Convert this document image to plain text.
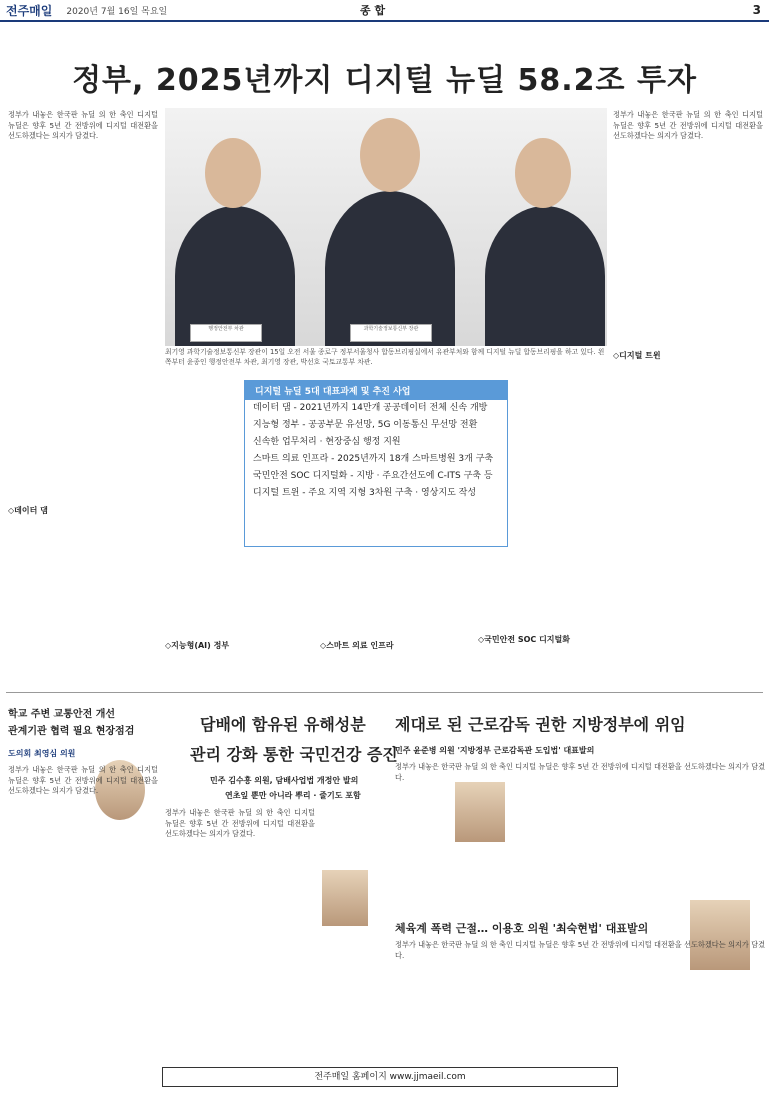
전주매일 2020년 7월 16일 목요일	종 합	3
정부, 2025년까지 디지털 뉴딜 58.2조 투자
정부가 내놓은 한국판 뉴딜 의 한 축인 디지털 뉴딜은 향후 5년 간 전방위에 디지털 대전환을 선도하겠다는 의지가 담겼다.
행정안전부 차관	과학기술정보통신부 장관
최기영 과학기술정보통신부 장관이 15일 오전 서울 종로구 정부서울청사 합동브리핑실에서 유관부처와 함께 디지털 뉴딜 합동브리핑을 하고 있다. 왼쪽부터 윤종인 행정안전부 차관, 최기영 장관, 박선호 국토교통부 차관.
정부가 내놓은 한국판 뉴딜 의 한 축인 디지털 뉴딜은 향후 5년 간 전방위에 디지털 대전환을 선도하겠다는 의지가 담겼다.
디지털 뉴딜 5대 대표과제 및 추진 사업
데이터 댐 - 2021년까지 14만개 공공데이터 전체 신속 개방
지능형 정부 - 공공부문 유선망, 5G 이동통신 무선망 전환
신속한 업무처리 · 현장중심 행정 지원
스마트 의료 인프라 - 2025년까지 18개 스마트병원 3개 구축
국민안전 SOC 디지털화 - 지방 · 주요간선도에 C-ITS 구축 등
디지털 트윈 - 주요 지역 지형 3차원 구축 · 영상지도 작성
◇데이터 댐
◇지능형(AI) 정부	◇스마트 의료 인프라
◇국민안전 SOC 디지털화
◇디지털 트윈
학교 주변 교통안전 개선
관계기관 협력 필요 현장점검
도의회 최영심 의원
정부가 내놓은 한국판 뉴딜 의 한 축인 디지털 뉴딜은 향후 5년 간 전방위에 디지털 대전환을 선도하겠다는 의지가 담겼다.
담배에 함유된 유해성분
관리 강화 통한 국민건강 증진
민주 김수흥 의원, 담배사업법 개정안 발의
연초잎 뿐만 아니라 뿌리 · 줄기도 포함
정부가 내놓은 한국판 뉴딜 의 한 축인 디지털 뉴딜은 향후 5년 간 전방위에 디지털 대전환을 선도하겠다는 의지가 담겼다.
제대로 된 근로감독 권한 지방정부에 위임
민주 윤준병 의원 '지방정부 근로감독관 도입법' 대표발의
정부가 내놓은 한국판 뉴딜 의 한 축인 디지털 뉴딜은 향후 5년 간 전방위에 디지털 대전환을 선도하겠다는 의지가 담겼다.
체육계 폭력 근절… 이용호 의원 '최숙현법' 대표발의
정부가 내놓은 한국판 뉴딜 의 한 축인 디지털 뉴딜은 향후 5년 간 전방위에 디지털 대전환을 선도하겠다는 의지가 담겼다.
전주매일 홈페이지 www.jjmaeil.com
